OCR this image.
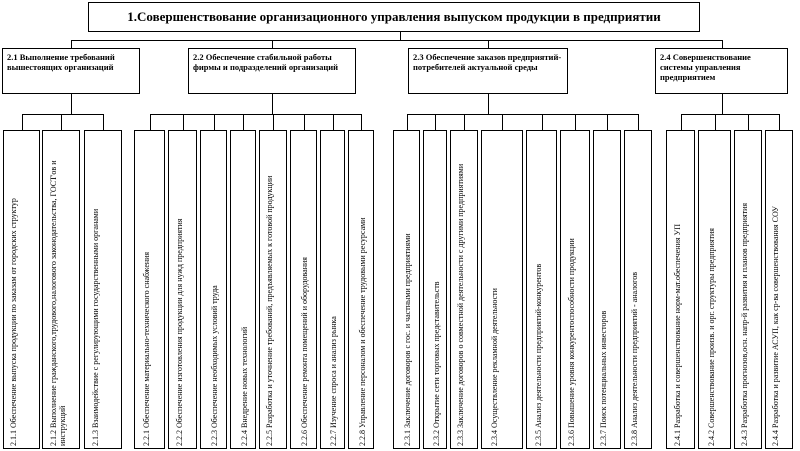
1.Совершенствование организационного управления выпуском продукции в предприятии
2.1 Выполнение требований вышестоящих организаций
2.1.1 Обеспечение выпуска продукции по заказам от городских структур	2.1.2 Выполнение гражданского,трудового,налогового законодательства, ГОСТ'ов и инструкций	2.1.3 Взаимодействие с регулирующими государственными органами
2.2 Обеспечение стабильной работы фирмы и подразделений организаций
2.2.1 Обеспечение материально-технического снабжения	2.2.2 Обеспечение изготовления продукции для нужд предприятия	2.2.3 Обеспечение необходимых условий труда	2.2.4 Внедрение новых технологий 2.2.5 Разработка и уточнение требований, предъявляемых к готовой продукции	2.2.6 Обеспечение ремонта помещений и оборудования	2.2.7 Изучение спроса и анализ рынка	2.2.8 Управление персоналом и обеспечение трудовыми ресурсами
2.3 Обеспечение заказов предприятий-потребителей актуальной среды
2.3.1 Заключение договоров с гос. и частными предприятиями	2.3.2 Открытие сети торговых представительств 2.3.3 Заключение договоров о совместной деятельности с другими предприятиями	2.3.4 Осуществление рекламной деятельности	2.3.5 Анализ деятельности предприятий-конкурентов	2.3.6 Повышение уровня конкурентоспособности продукции	2.3.7 Поиск потенциальных инвесторов	2.3.8 Анализ деятельности предприятий - аналогов
2.4 Совершенствование системы управления предприятием
2.4.1 Разработка и совершенствование норм-мат.обеспечения УП	2.4.2 Совершенствование произв. и орг. структуры предприятия	2.4.3 Разработка прогнозов,осн. напр-й развития и планов предприятия	2.4.4 Разработка и развитие АСУП, как ср-ва совершенствования СОУ
